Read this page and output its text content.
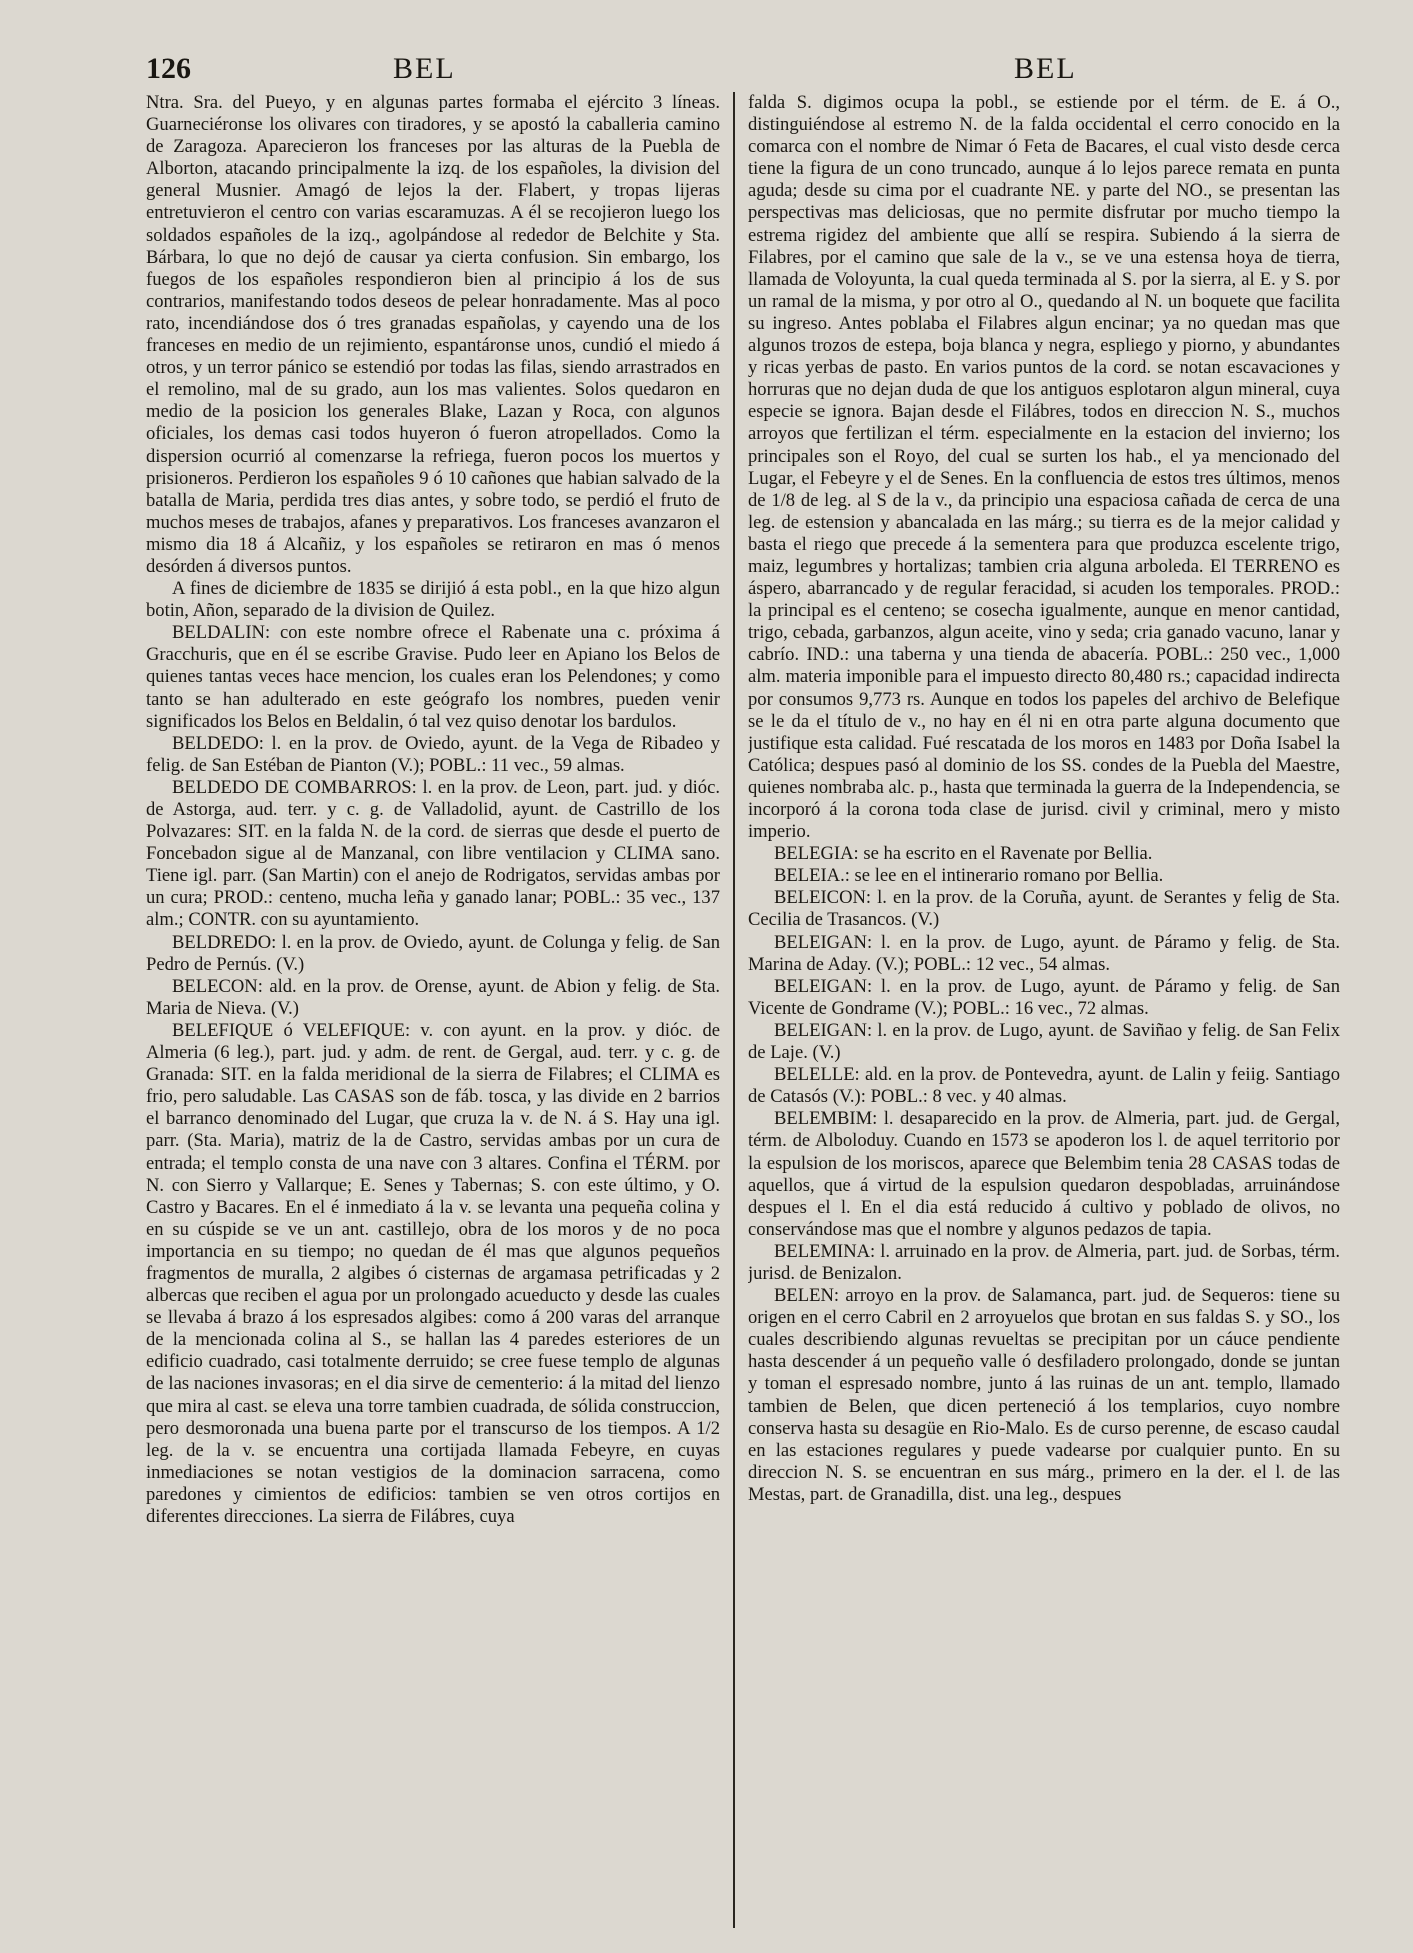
126	BEL	BEL

Ntra. Sra. del Pueyo, y en algunas partes formaba el ejército 3 líneas. Guarneciéronse los olivares con tiradores, y se apostó la caballeria camino de Zaragoza. Aparecieron los franceses por las alturas de la Puebla de Alborton, atacando principalmente la izq. de los españoles, la division del general Musnier. Amagó de lejos la der. Flabert, y tropas lijeras entretuvieron el centro con varias escaramuzas. A él se recojieron luego los soldados españoles de la izq., agolpándose al rededor de Belchite y Sta. Bárbara, lo que no dejó de causar ya cierta confusion. Sin embargo, los fuegos de los españoles respondieron bien al principio á los de sus contrarios, manifestando todos deseos de pelear honradamente. Mas al poco rato, incendiándose dos ó tres granadas españolas, y cayendo una de los franceses en medio de un rejimiento, espantáronse unos, cundió el miedo á otros, y un terror pánico se estendió por todas las filas, siendo arrastrados en el remolino, mal de su grado, aun los mas valientes. Solos quedaron en medio de la posicion los generales Blake, Lazan y Roca, con algunos oficiales, los demas casi todos huyeron ó fueron atropellados. Como la dispersion ocurrió al comenzarse la refriega, fueron pocos los muertos y prisioneros. Perdieron los españoles 9 ó 10 cañones que habian salvado de la batalla de Maria, perdida tres dias antes, y sobre todo, se perdió el fruto de muchos meses de trabajos, afanes y preparativos. Los franceses avanzaron el mismo dia 18 á Alcañiz, y los españoles se retiraron en mas ó menos desórden á diversos puntos.

A fines de diciembre de 1835 se dirijió á esta pobl., en la que hizo algun botin, Añon, separado de la division de Quilez.

BELDALIN: con este nombre ofrece el Rabenate una c. próxima á Gracchuris, que en él se escribe Gravise. Pudo leer en Apiano los Belos de quienes tantas veces hace mencion, los cuales eran los Pelendones; y como tanto se han adulterado en este geógrafo los nombres, pueden venir significados los Belos en Beldalin, ó tal vez quiso denotar los bardulos.

BELDEDO: l. en la prov. de Oviedo, ayunt. de la Vega de Ribadeo y felig. de San Estéban de Pianton (V.); POBL.: 11 vec., 59 almas.

BELDEDO DE COMBARROS: l. en la prov. de Leon, part. jud. y dióc. de Astorga, aud. terr. y c. g. de Valladolid, ayunt. de Castrillo de los Polvazares: SIT. en la falda N. de la cord. de sierras que desde el puerto de Foncebadon sigue al de Manzanal, con libre ventilacion y CLIMA sano. Tiene igl. parr. (San Martin) con el anejo de Rodrigatos, servidas ambas por un cura; PROD.: centeno, mucha leña y ganado lanar; POBL.: 35 vec., 137 alm.; CONTR. con su ayuntamiento.

BELDREDO: l. en la prov. de Oviedo, ayunt. de Colunga y felig. de San Pedro de Pernús. (V.)

BELECON: ald. en la prov. de Orense, ayunt. de Abion y felig. de Sta. Maria de Nieva. (V.)

BELEFIQUE ó VELEFIQUE: v. con ayunt. en la prov. y dióc. de Almeria (6 leg.), part. jud. y adm. de rent. de Gergal, aud. terr. y c. g. de Granada: SIT. en la falda meridional de la sierra de Filabres; el CLIMA es frio, pero saludable. Las CASAS son de fáb. tosca, y las divide en 2 barrios el barranco denominado del Lugar, que cruza la v. de N. á S. Hay una igl. parr. (Sta. Maria), matriz de la de Castro, servidas ambas por un cura de entrada; el templo consta de una nave con 3 altares. Confina el TÉRM. por N. con Sierro y Vallarque; E. Senes y Tabernas; S. con este último, y O. Castro y Bacares. En el é inmediato á la v. se levanta una pequeña colina y en su cúspide se ve un ant. castillejo, obra de los moros y de no poca importancia en su tiempo; no quedan de él mas que algunos pequeños fragmentos de muralla, 2 algibes ó cisternas de argamasa petrificadas y 2 albercas que reciben el agua por un prolongado acueducto y desde las cuales se llevaba á brazo á los espresados algibes: como á 200 varas del arranque de la mencionada colina al S., se hallan las 4 paredes esteriores de un edificio cuadrado, casi totalmente derruido; se cree fuese templo de algunas de las naciones invasoras; en el dia sirve de cementerio: á la mitad del lienzo que mira al cast. se eleva una torre tambien cuadrada, de sólida construccion, pero desmoronada una buena parte por el transcurso de los tiempos. A 1/2 leg. de la v. se encuentra una cortijada llamada Febeyre, en cuyas inmediaciones se notan vestigios de la dominacion sarracena, como paredones y cimientos de edificios: tambien se ven otros cortijos en diferentes direcciones. La sierra de Filábres, cuya

falda S. digimos ocupa la pobl., se estiende por el térm. de E. á O., distinguiéndose al estremo N. de la falda occidental el cerro conocido en la comarca con el nombre de Nimar ó Feta de Bacares, el cual visto desde cerca tiene la figura de un cono truncado, aunque á lo lejos parece remata en punta aguda; desde su cima por el cuadrante NE. y parte del NO., se presentan las perspectivas mas deliciosas, que no permite disfrutar por mucho tiempo la estrema rigidez del ambiente que allí se respira. Subiendo á la sierra de Filabres, por el camino que sale de la v., se ve una estensa hoya de tierra, llamada de Voloyunta, la cual queda terminada al S. por la sierra, al E. y S. por un ramal de la misma, y por otro al O., quedando al N. un boquete que facilita su ingreso. Antes poblaba el Filabres algun encinar; ya no quedan mas que algunos trozos de estepa, boja blanca y negra, espliego y piorno, y abundantes y ricas yerbas de pasto. En varios puntos de la cord. se notan escavaciones y horruras que no dejan duda de que los antiguos esplotaron algun mineral, cuya especie se ignora. Bajan desde el Filábres, todos en direccion N. S., muchos arroyos que fertilizan el térm. especialmente en la estacion del invierno; los principales son el Royo, del cual se surten los hab., el ya mencionado del Lugar, el Febeyre y el de Senes. En la confluencia de estos tres últimos, menos de 1/8 de leg. al S de la v., da principio una espaciosa cañada de cerca de una leg. de estension y abancalada en las márg.; su tierra es de la mejor calidad y basta el riego que precede á la sementera para que produzca escelente trigo, maiz, legumbres y hortalizas; tambien cria alguna arboleda. El TERRENO es áspero, abarrancado y de regular feracidad, si acuden los temporales. PROD.: la principal es el centeno; se cosecha igualmente, aunque en menor cantidad, trigo, cebada, garbanzos, algun aceite, vino y seda; cria ganado vacuno, lanar y cabrío. IND.: una taberna y una tienda de abacería. POBL.: 250 vec., 1,000 alm. materia imponible para el impuesto directo 80,480 rs.; capacidad indirecta por consumos 9,773 rs. Aunque en todos los papeles del archivo de Belefique se le da el título de v., no hay en él ni en otra parte alguna documento que justifique esta calidad. Fué rescatada de los moros en 1483 por Doña Isabel la Católica; despues pasó al dominio de los SS. condes de la Puebla del Maestre, quienes nombraba alc. p., hasta que terminada la guerra de la Independencia, se incorporó á la corona toda clase de jurisd. civil y criminal, mero y misto imperio.

BELEGIA: se ha escrito en el Ravenate por Bellia.

BELEIA.: se lee en el intinerario romano por Bellia.

BELEICON: l. en la prov. de la Coruña, ayunt. de Serantes y felig de Sta. Cecilia de Trasancos. (V.)

BELEIGAN: l. en la prov. de Lugo, ayunt. de Páramo y felig. de Sta. Marina de Aday. (V.); POBL.: 12 vec., 54 almas.

BELEIGAN: l. en la prov. de Lugo, ayunt. de Páramo y felig. de San Vicente de Gondrame (V.); POBL.: 16 vec., 72 almas.

BELEIGAN: l. en la prov. de Lugo, ayunt. de Saviñao y felig. de San Felix de Laje. (V.)

BELELLE: ald. en la prov. de Pontevedra, ayunt. de Lalin y feiig. Santiago de Catasós (V.): POBL.: 8 vec. y 40 almas.

BELEMBIM: l. desaparecido en la prov. de Almeria, part. jud. de Gergal, térm. de Alboloduy. Cuando en 1573 se apoderon los l. de aquel territorio por la espulsion de los moriscos, aparece que Belembim tenia 28 CASAS todas de aquellos, que á virtud de la espulsion quedaron despobladas, arruinándose despues el l. En el dia está reducido á cultivo y poblado de olivos, no conservándose mas que el nombre y algunos pedazos de tapia.

BELEMINA: l. arruinado en la prov. de Almeria, part. jud. de Sorbas, térm. jurisd. de Benizalon.

BELEN: arroyo en la prov. de Salamanca, part. jud. de Sequeros: tiene su origen en el cerro Cabril en 2 arroyuelos que brotan en sus faldas S. y SO., los cuales describiendo algunas revueltas se precipitan por un cáuce pendiente hasta descender á un pequeño valle ó desfiladero prolongado, donde se juntan y toman el espresado nombre, junto á las ruinas de un ant. templo, llamado tambien de Belen, que dicen perteneció á los templarios, cuyo nombre conserva hasta su desagüe en Rio-Malo. Es de curso perenne, de escaso caudal en las estaciones regulares y puede vadearse por cualquier punto. En su direccion N. S. se encuentran en sus márg., primero en la der. el l. de las Mestas, part. de Granadilla, dist. una leg., despues
